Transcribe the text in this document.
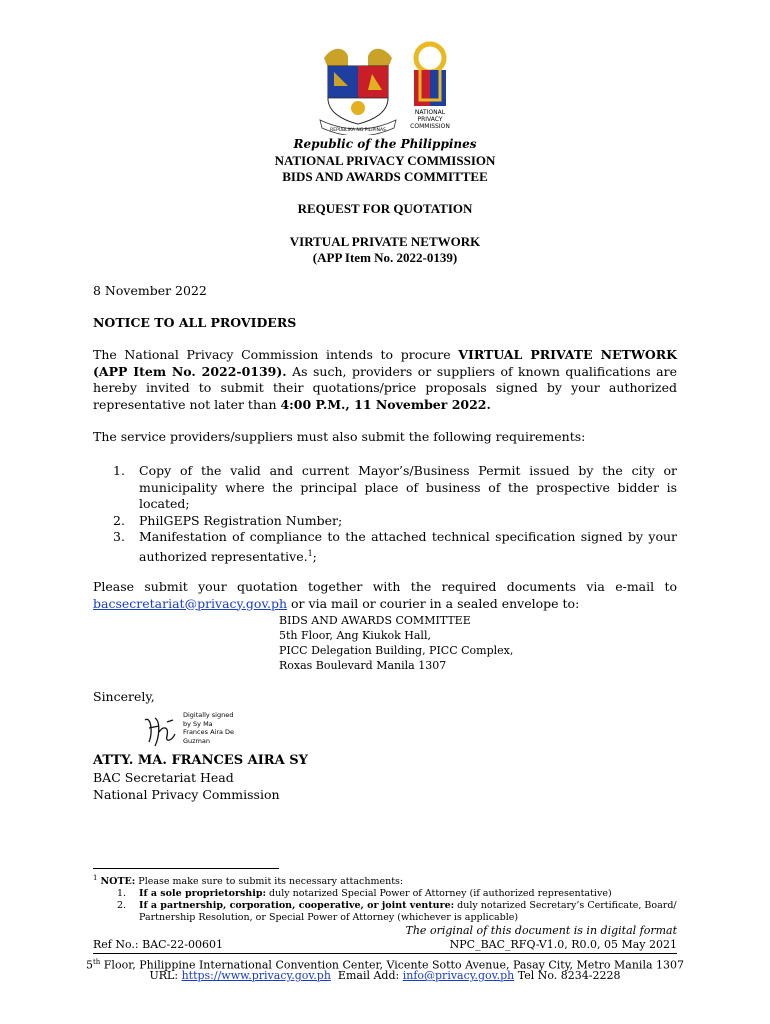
REPUBLIKA NG PILIPINAS
NATIONAL
PRIVACY
COMMISSION
Republic of the Philippines
NATIONAL PRIVACY COMMISSION
BIDS AND AWARDS COMMITTEE
REQUEST FOR QUOTATION
VIRTUAL PRIVATE NETWORK
(APP Item No. 2022-0139)
8 November 2022
NOTICE TO ALL PROVIDERS
The National Privacy Commission intends to procure VIRTUAL PRIVATE NETWORK (APP Item No. 2022-0139). As such, providers or suppliers of known qualifications are hereby invited to submit their quotations/price proposals signed by your authorized representative not later than 4:00 P.M., 11 November 2022.
The service providers/suppliers must also submit the following requirements:
1.	Copy of the valid and current Mayor’s/Business Permit issued by the city or municipality where the principal place of business of the prospective bidder is located;
2.	PhilGEPS Registration Number;
3.	Manifestation of compliance to the attached technical specification signed by your authorized representative.$^1$;
Please submit your quotation together with the required documents via e-mail to bacsecretariat@privacy.gov.ph or via mail or courier in a sealed envelope to:
BIDS AND AWARDS COMMITTEE
5th Floor, Ang Kiukok Hall,
PICC Delegation Building, PICC Complex,
Roxas Boulevard Manila 1307
Sincerely,
Digitally signed
by Sy Ma
Frances Aira De
Guzman
ATTY. MA. FRANCES AIRA SY
BAC Secretariat Head
National Privacy Commission
$^1$ NOTE: Please make sure to submit its necessary attachments:
1.	If a sole proprietorship: duly notarized Special Power of Attorney (if authorized representative)
2.	If a partnership, corporation, cooperative, or joint venture: duly notarized Secretary’s Certificate, Board/ Partnership Resolution, or Special Power of Attorney (whichever is applicable)
The original of this document is in digital format
Ref No.: BAC-22-00601	NPC_BAC_RFQ-V1.0, R0.0, 05 May 2021
5th Floor, Philippine International Convention Center, Vicente Sotto Avenue, Pasay City, Metro Manila 1307
URL: https://www.privacy.gov.ph  Email Add: info@privacy.gov.ph Tel No. 8234-2228
